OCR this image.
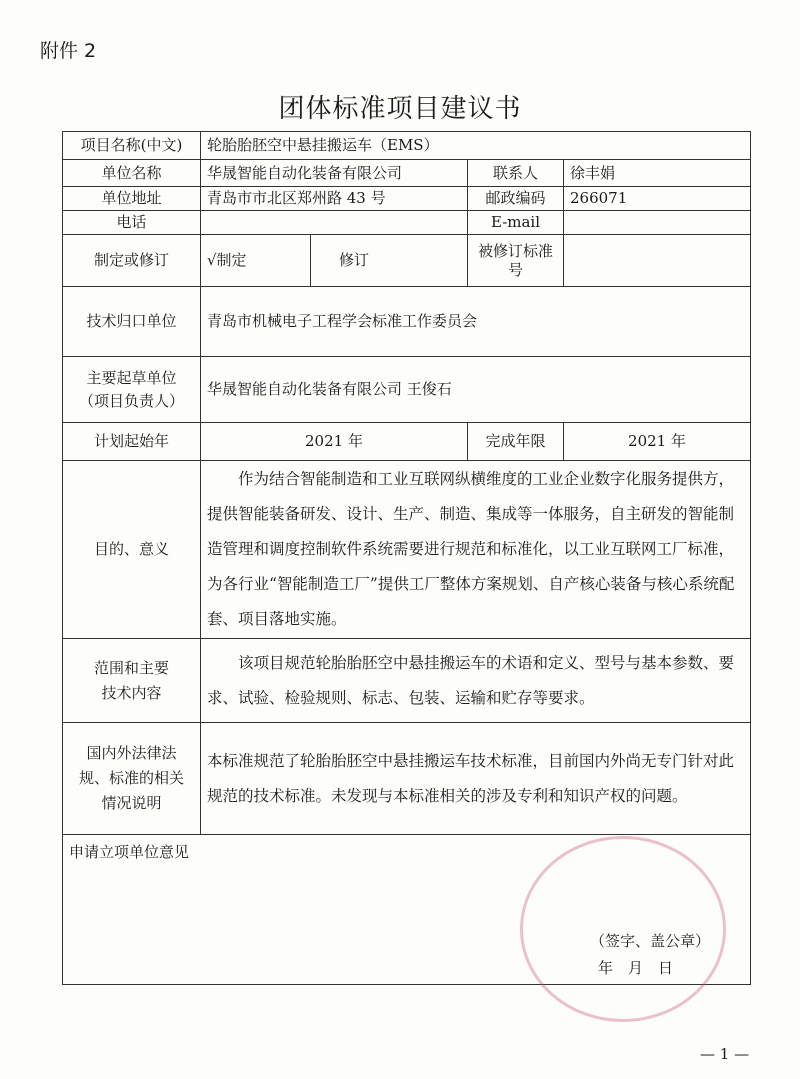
附件 2
团体标准项目建议书
项目名称(中文)	轮胎胎胚空中悬挂搬运车（EMS）			
单位名称	华晟智能自动化装备有限公司		联系人	徐丰娟
单位地址	青岛市市北区郑州路 43 号		邮政编码	266071
电话			E-mail	
制定或修订	√制定	修订	被修订标准号	
技术归口单位	青岛市机械电子工程学会标准工作委员会			

主要起草单位
（项目负责人）	华晟智能自动化装备有限公司 王俊石			
计划起始年	2021 年		完成年限	2021 年
目的、意义	作为结合智能制造和工业互联网纵横维度的工业企业数字化服务提供方，提供智能装备研发、设计、生产、制造、集成等一体服务，自主研发的智能制造管理和调度控制软件系统需要进行规范和标准化，以工业互联网工厂标准，为各行业“智能制造工厂”提供工厂整体方案规划、自产核心装备与核心系统配套、项目落地实施。			

范围和主要
技术内容	该项目规范轮胎胎胚空中悬挂搬运车的术语和定义、型号与基本参数、要求、试验、检验规则、标志、包装、运输和贮存等要求。			

国内外法律法
规、标准的相关
情况说明	本标准规范了轮胎胎胚空中悬挂搬运车技术标准，目前国内外尚无专门针对此规范的技术标准。未发现与本标准相关的涉及专利和知识产权的问题。			

申请立项单位意见				
（签字、盖公章）
年　月　日
— 1 —
